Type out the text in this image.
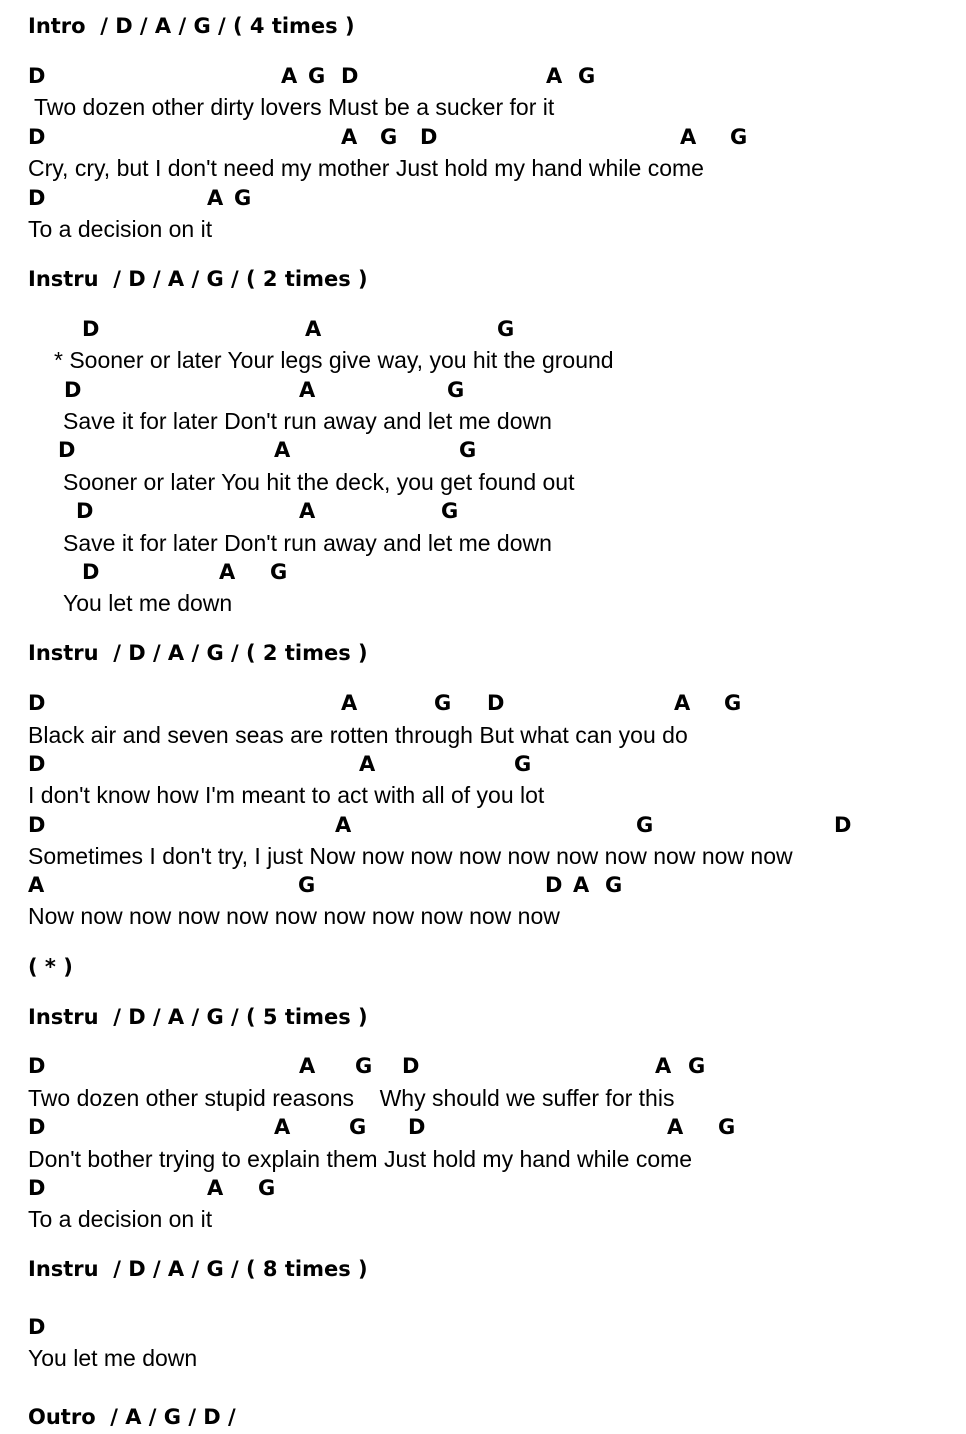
Intro  / D / A / G / ( 4 times )

D

	A

G

D

	A

G

Two dozen other dirty lovers Must be a sucker for it

D

	A

G

D

	A

G

Cry, cry, but I don't need my mother Just hold my hand while come

D

	A

G

To a decision on it
Instru  / D / A / G / ( 2 times )

D

	A

	G

* Sooner or later Your legs give way, you hit the ground

D

	A

	G

Save it for later Don't run away and let me down

D

	A

	G

Sooner or later You hit the deck, you get found out

D

	A

	G

Save it for later Don't run away and let me down

D

	A

G

You let me down
Instru  / D / A / G / ( 2 times )

D

	A

	G

D

	A

G

Black air and seven seas are rotten through But what can you do

D

	A

	G

I don't know how I'm meant to act with all of you lot

D

	A

	G

	D

Sometimes I don't try, I just Now now now now now now now now now now

A

	G

	D

A

G

Now now now now now now now now now now now
( * )
Instru  / D / A / G / ( 5 times )

D

	A

G

D

	A

G

Two dozen other stupid reasons    Why should we suffer for this

D

	A

	G

D

	A

G

Don't bother trying to explain them Just hold my hand while come

D

	A

G

To a decision on it
Instru  / D / A / G / ( 8 times )

D

You let me down
Outro  / A / G / D /
